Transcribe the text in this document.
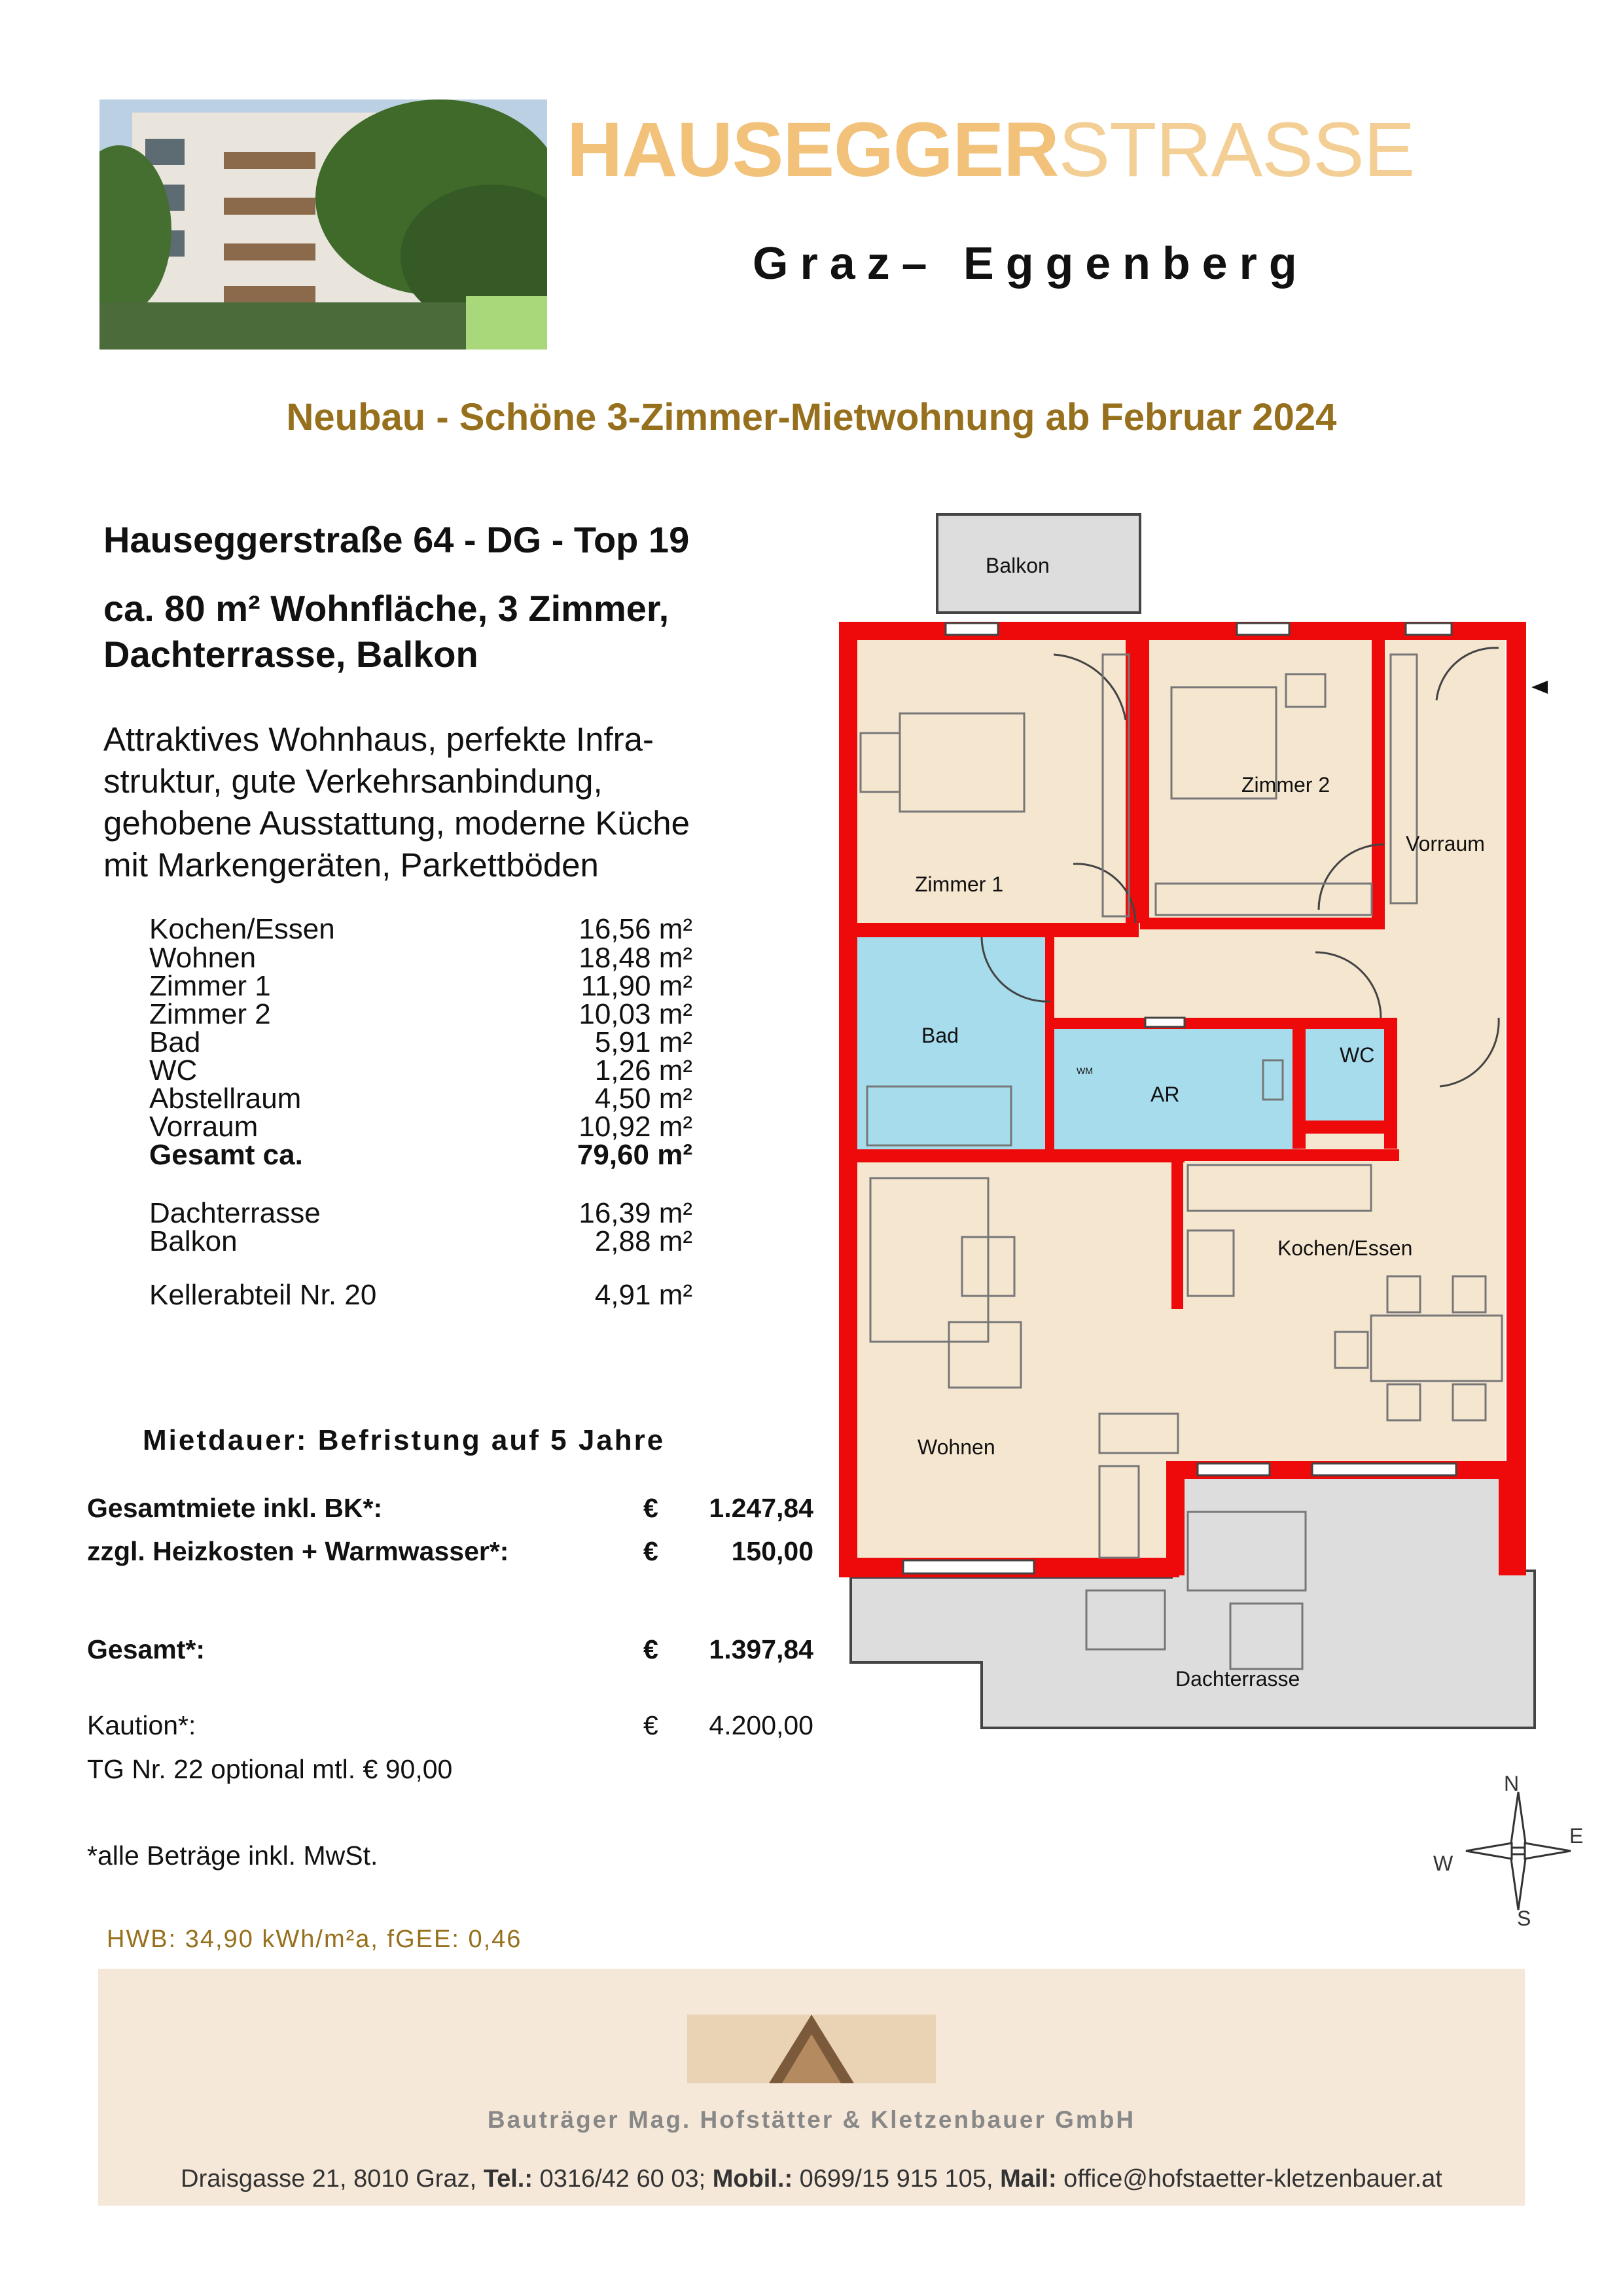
HAUSEGGERSTRASSE
Graz– Eggenberg
Neubau - Schöne 3-Zimmer-Mietwohnung ab Februar 2024
Hauseggerstraße 64 - DG - Top 19
ca. 80 m² Wohnfläche, 3 Zimmer,
Dachterrasse, Balkon
Attraktives Wohnhaus, perfekte Infra-
struktur, gute Verkehrsanbindung,
gehobene Ausstattung, moderne Küche
mit Markengeräten, Parkettböden
Kochen/Essen	16,56 m²
Wohnen	18,48 m²
Zimmer 1	11,90 m²
Zimmer 2	10,03 m²
Bad	5,91 m²
WC	1,26 m²
Abstellraum	4,50 m²
Vorraum	10,92 m²
Gesamt ca.	79,60 m²
Dachterrasse	16,39 m²
Balkon	2,88 m²
Kellerabteil Nr. 20	4,91 m²
Mietdauer: Befristung auf 5 Jahre
Gesamtmiete inkl. BK*:	€ 1.247,84
zzgl. Heizkosten + Warmwasser*:	€	150,00
Gesamt*:	€ 1.397,84
Kaution*:	€ 4.200,00
TG Nr. 22 optional mtl. € 90,00
*alle Beträge inkl. MwSt.
HWB: 34,90 kWh/m²a, fGEE: 0,46
Balkon
Zimmer 1
Zimmer 2
Vorraum
Bad
AR
WM
WC
Kochen/Essen
Wohnen
Dachterrasse
N
E
S
W
Bauträger Mag. Hofstätter & Kletzenbauer GmbH
Draisgasse 21, 8010 Graz, Tel.: 0316/42 60 03; Mobil.: 0699/15 915 105, Mail: office@hofstaetter-kletzenbauer.at
